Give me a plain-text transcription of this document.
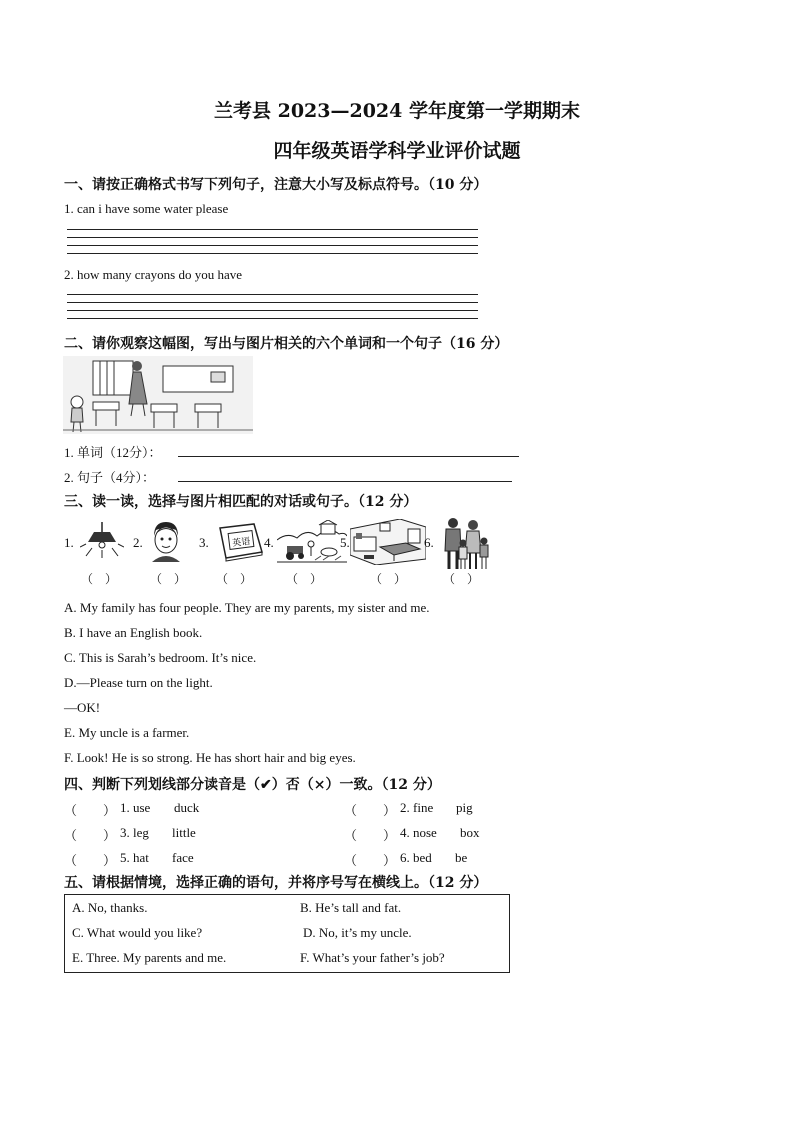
兰考县 2023—2024 学年度第一学期期末
四年级英语学科学业评价试题
一、请按正确格式书写下列句子，注意大小写及标点符号。（10 分）
1. can i have some water please
2. how many crayons do you have
二、请你观察这幅图，写出与图片相关的六个单词和一个句子（16 分）
1. 单词（12分）：
2. 句子（4分）：
三、读一读，选择与图片相匹配的对话或句子。（12 分）
1.
（　）
2.
（　）
3.	英语
（　）
4.
（　）
5.
（　）
6.
（　）
A. My family has four people. They are my parents, my sister and me.
B. I have an English book.
C. This is Sarah’s bedroom. It’s nice.
D.—Please turn on the light.
—OK!
E. My uncle is a farmer.
F. Look! He is so strong. He has short hair and big eyes.
四、判断下列划线部分读音是（✔）否（×）一致。（12 分）
（　　） 1. use duck	（　　） 2. fine pig
（　　） 3. leg little	（　　） 4. nose box
（　　） 5. hat face	（　　） 6. bed be
五、请根据情境，选择正确的语句，并将序号写在横线上。（12 分）
A. No, thanks.	B. He’s tall and fat.
C. What would you like?	D. No, it’s my uncle.
E. Three. My parents and me.	F. What’s your father’s job?
